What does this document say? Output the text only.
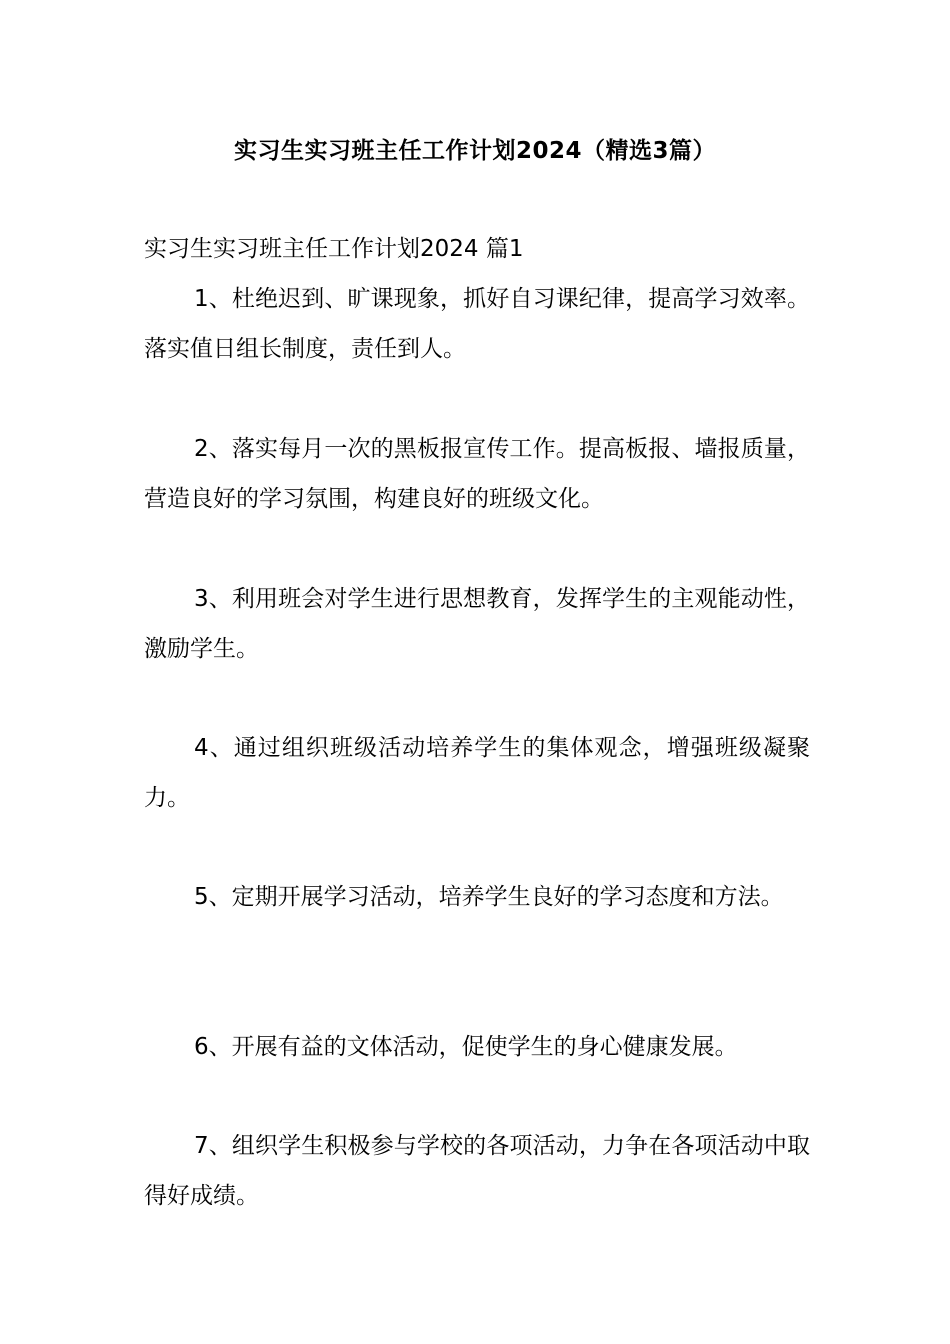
实习生实习班主任工作计划2024（精选3篇）
实习生实习班主任工作计划2024 篇1

1、杜绝迟到、旷课现象，抓好自习课纪律，提高学习效率。落实值日组长制度，责任到人。

2、落实每月一次的黑板报宣传工作。提高板报、墙报质量，营造良好的学习氛围，构建良好的班级文化。

3、利用班会对学生进行思想教育，发挥学生的主观能动性，激励学生。

4、通过组织班级活动培养学生的集体观念，增强班级凝聚力。

5、定期开展学习活动，培养学生良好的学习态度和方法。

6、开展有益的文体活动，促使学生的身心健康发展。

7、组织学生积极参与学校的各项活动，力争在各项活动中取得好成绩。
